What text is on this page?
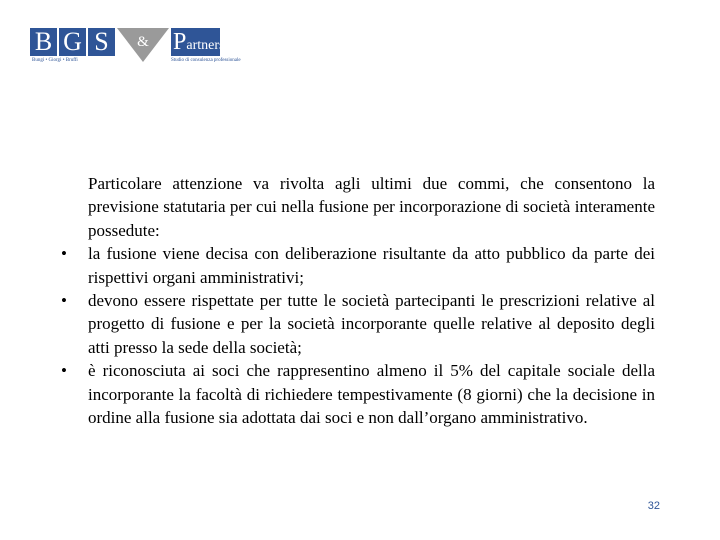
B G S	&	Partners
Bungi • Giorgi • Bruffi	Studio di consulenza professionale

Particolare attenzione va rivolta agli ultimi due commi, che consentono la previsione statutaria per cui nella fusione per incorporazione di società interamente possedute:

• la fusione viene decisa con deliberazione risultante da atto pubblico da parte dei rispettivi organi amministrativi;
• devono essere rispettate per tutte le società partecipanti le prescrizioni relative al progetto di fusione e per la società incorporante quelle relative al deposito degli atti presso la sede della società;
• è riconosciuta ai soci che rappresentino almeno il 5% del capitale sociale della incorporante la facoltà di richiedere tempestivamente (8 giorni) che la decisione in ordine alla fusione sia adottata dai soci e non dall’organo amministrativo.
32
